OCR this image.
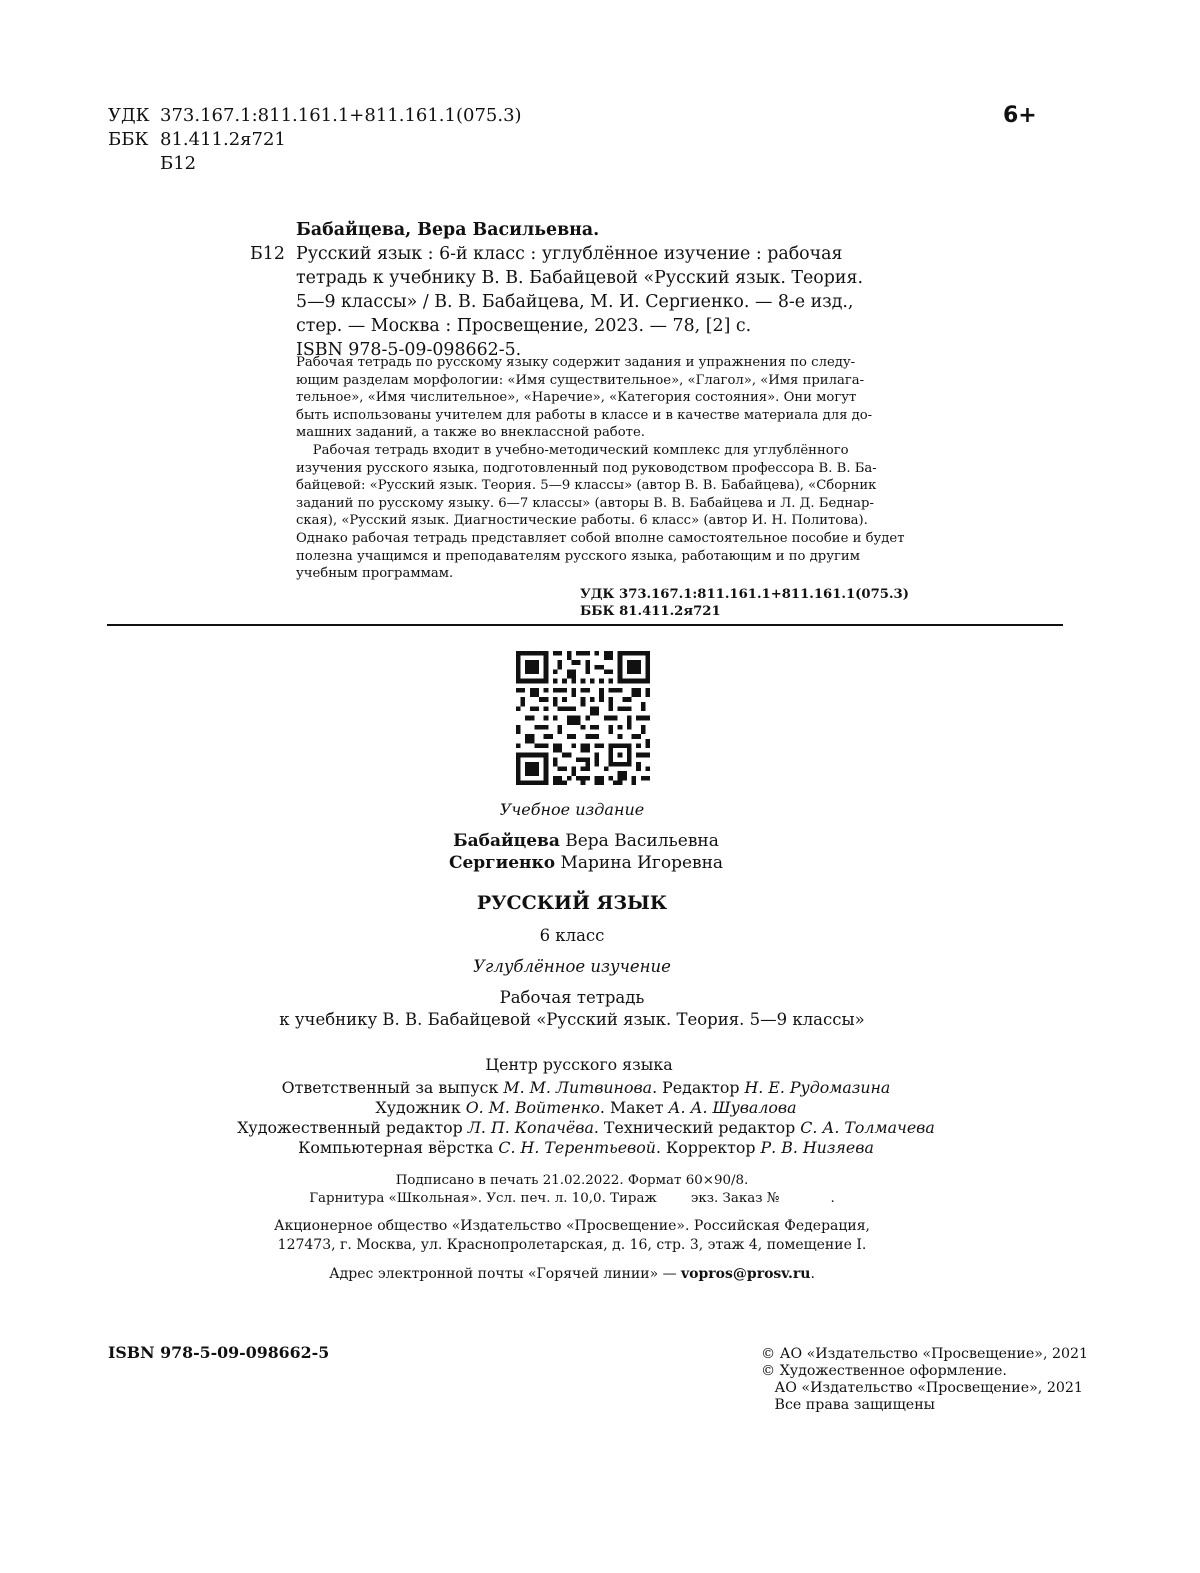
УДК 373.167.1:811.161.1+811.161.1(075.3)
ББК 81.411.2я721
Б12
6+
Бабайцева, Вера Васильевна.
Б12 Русский язык : 6-й класс : углублённое изучение : рабочая
тетрадь к учебнику В. В. Бабайцевой «Русский язык. Теория.
5—9 классы» / В. В. Бабайцева, М. И. Сергиенко. — 8-е изд.,
стер. — Москва : Просвещение, 2023. — 78, [2] с.
ISBN 978-5-09-098662-5.
Рабочая тетрадь по русскому языку содержит задания и упражнения по следу-
ющим разделам морфологии: «Имя существительное», «Глагол», «Имя прилага-
тельное», «Имя числительное», «Наречие», «Категория состояния». Они могут
быть использованы учителем для работы в классе и в качестве материала для до-
машних заданий, а также во внеклассной работе.
Рабочая тетрадь входит в учебно-методический комплекс для углублённого
изучения русского языка, подготовленный под руководством профессора В. В. Ба-
байцевой: «Русский язык. Теория. 5—9 классы» (автор В. В. Бабайцева), «Сборник
заданий по русскому языку. 6—7 классы» (авторы В. В. Бабайцева и Л. Д. Беднар-
ская), «Русский язык. Диагностические работы. 6 класс» (автор И. Н. Политова).
Однако рабочая тетрадь представляет собой вполне самостоятельное пособие и будет
полезна учащимся и преподавателям русского языка, работающим и по другим
учебным программам.
УДК 373.167.1:811.161.1+811.161.1(075.3)
ББК 81.411.2я721
Учебное издание
Бабайцева Вера Васильевна
Сергиенко Марина Игоревна
РУССКИЙ ЯЗЫК
6 класс
Углублённое изучение
Рабочая тетрадь
к учебнику В. В. Бабайцевой «Русский язык. Теория. 5—9 классы»
Центр русского языка
Ответственный за выпуск М. М. Литвинова. Редактор Н. Е. Рудомазина
Художник О. М. Войтенко. Макет А. А. Шувалова
Художественный редактор Л. П. Копачёва. Технический редактор С. А. Толмачева
Компьютерная вёрстка С. Н. Терентьевой. Корректор Р. В. Низяева
Подписано в печать 21.02.2022. Формат 60×90/8.
Гарнитура «Школьная». Усл. печ. л. 10,0. Тираж        экз. Заказ №            .
Акционерное общество «Издательство «Просвещение». Российская Федерация,
127473, г. Москва, ул. Краснопролетарская, д. 16, стр. 3, этаж 4, помещение I.
Адрес электронной почты «Горячей линии» — vopros@prosv.ru.
ISBN 978-5-09-098662-5	© АО «Издательство «Просвещение», 2021
© Художественное оформление.
АО «Издательство «Просвещение», 2021
Все права защищены
